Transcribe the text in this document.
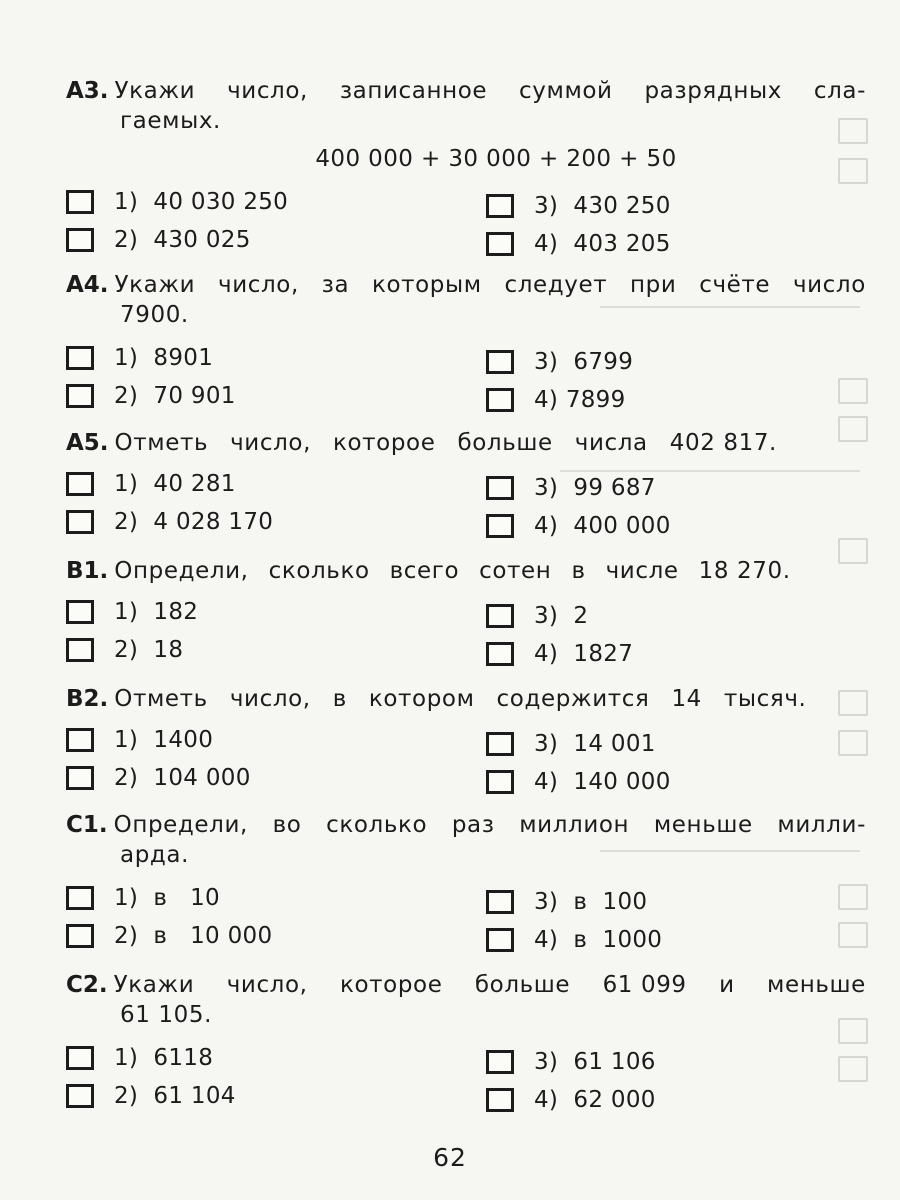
A3. Укажи число, записанное суммой разрядных сла-
гаемых.
400 000 + 30 000 + 200 + 50
1)  40 030 250
2)  430 025
3)  430 250
4)  403 205
A4. Укажи число, за которым следует при счёте число
7900.
1)  8901
2)  70 901
3)  6799
4) 7899
A5. Отметь число, которое больше числа 402 817.
1)  40 281
2)  4 028 170
3)  99 687
4)  400 000
B1. Определи, сколько всего сотен в числе 18 270.
1)  182
2)  18
3)  2
4)  1827
B2. Отметь число, в котором содержится 14 тысяч.
1)  1400
2)  104 000
3)  14 001
4)  140 000
C1. Определи, во сколько раз миллион меньше милли-
арда.
1)  в   10
2)  в   10 000
3)  в  100
4)  в  1000
C2. Укажи число, которое больше 61 099 и меньше
61 105.
1)  6118
2)  61 104
3)  61 106
4)  62 000
62
